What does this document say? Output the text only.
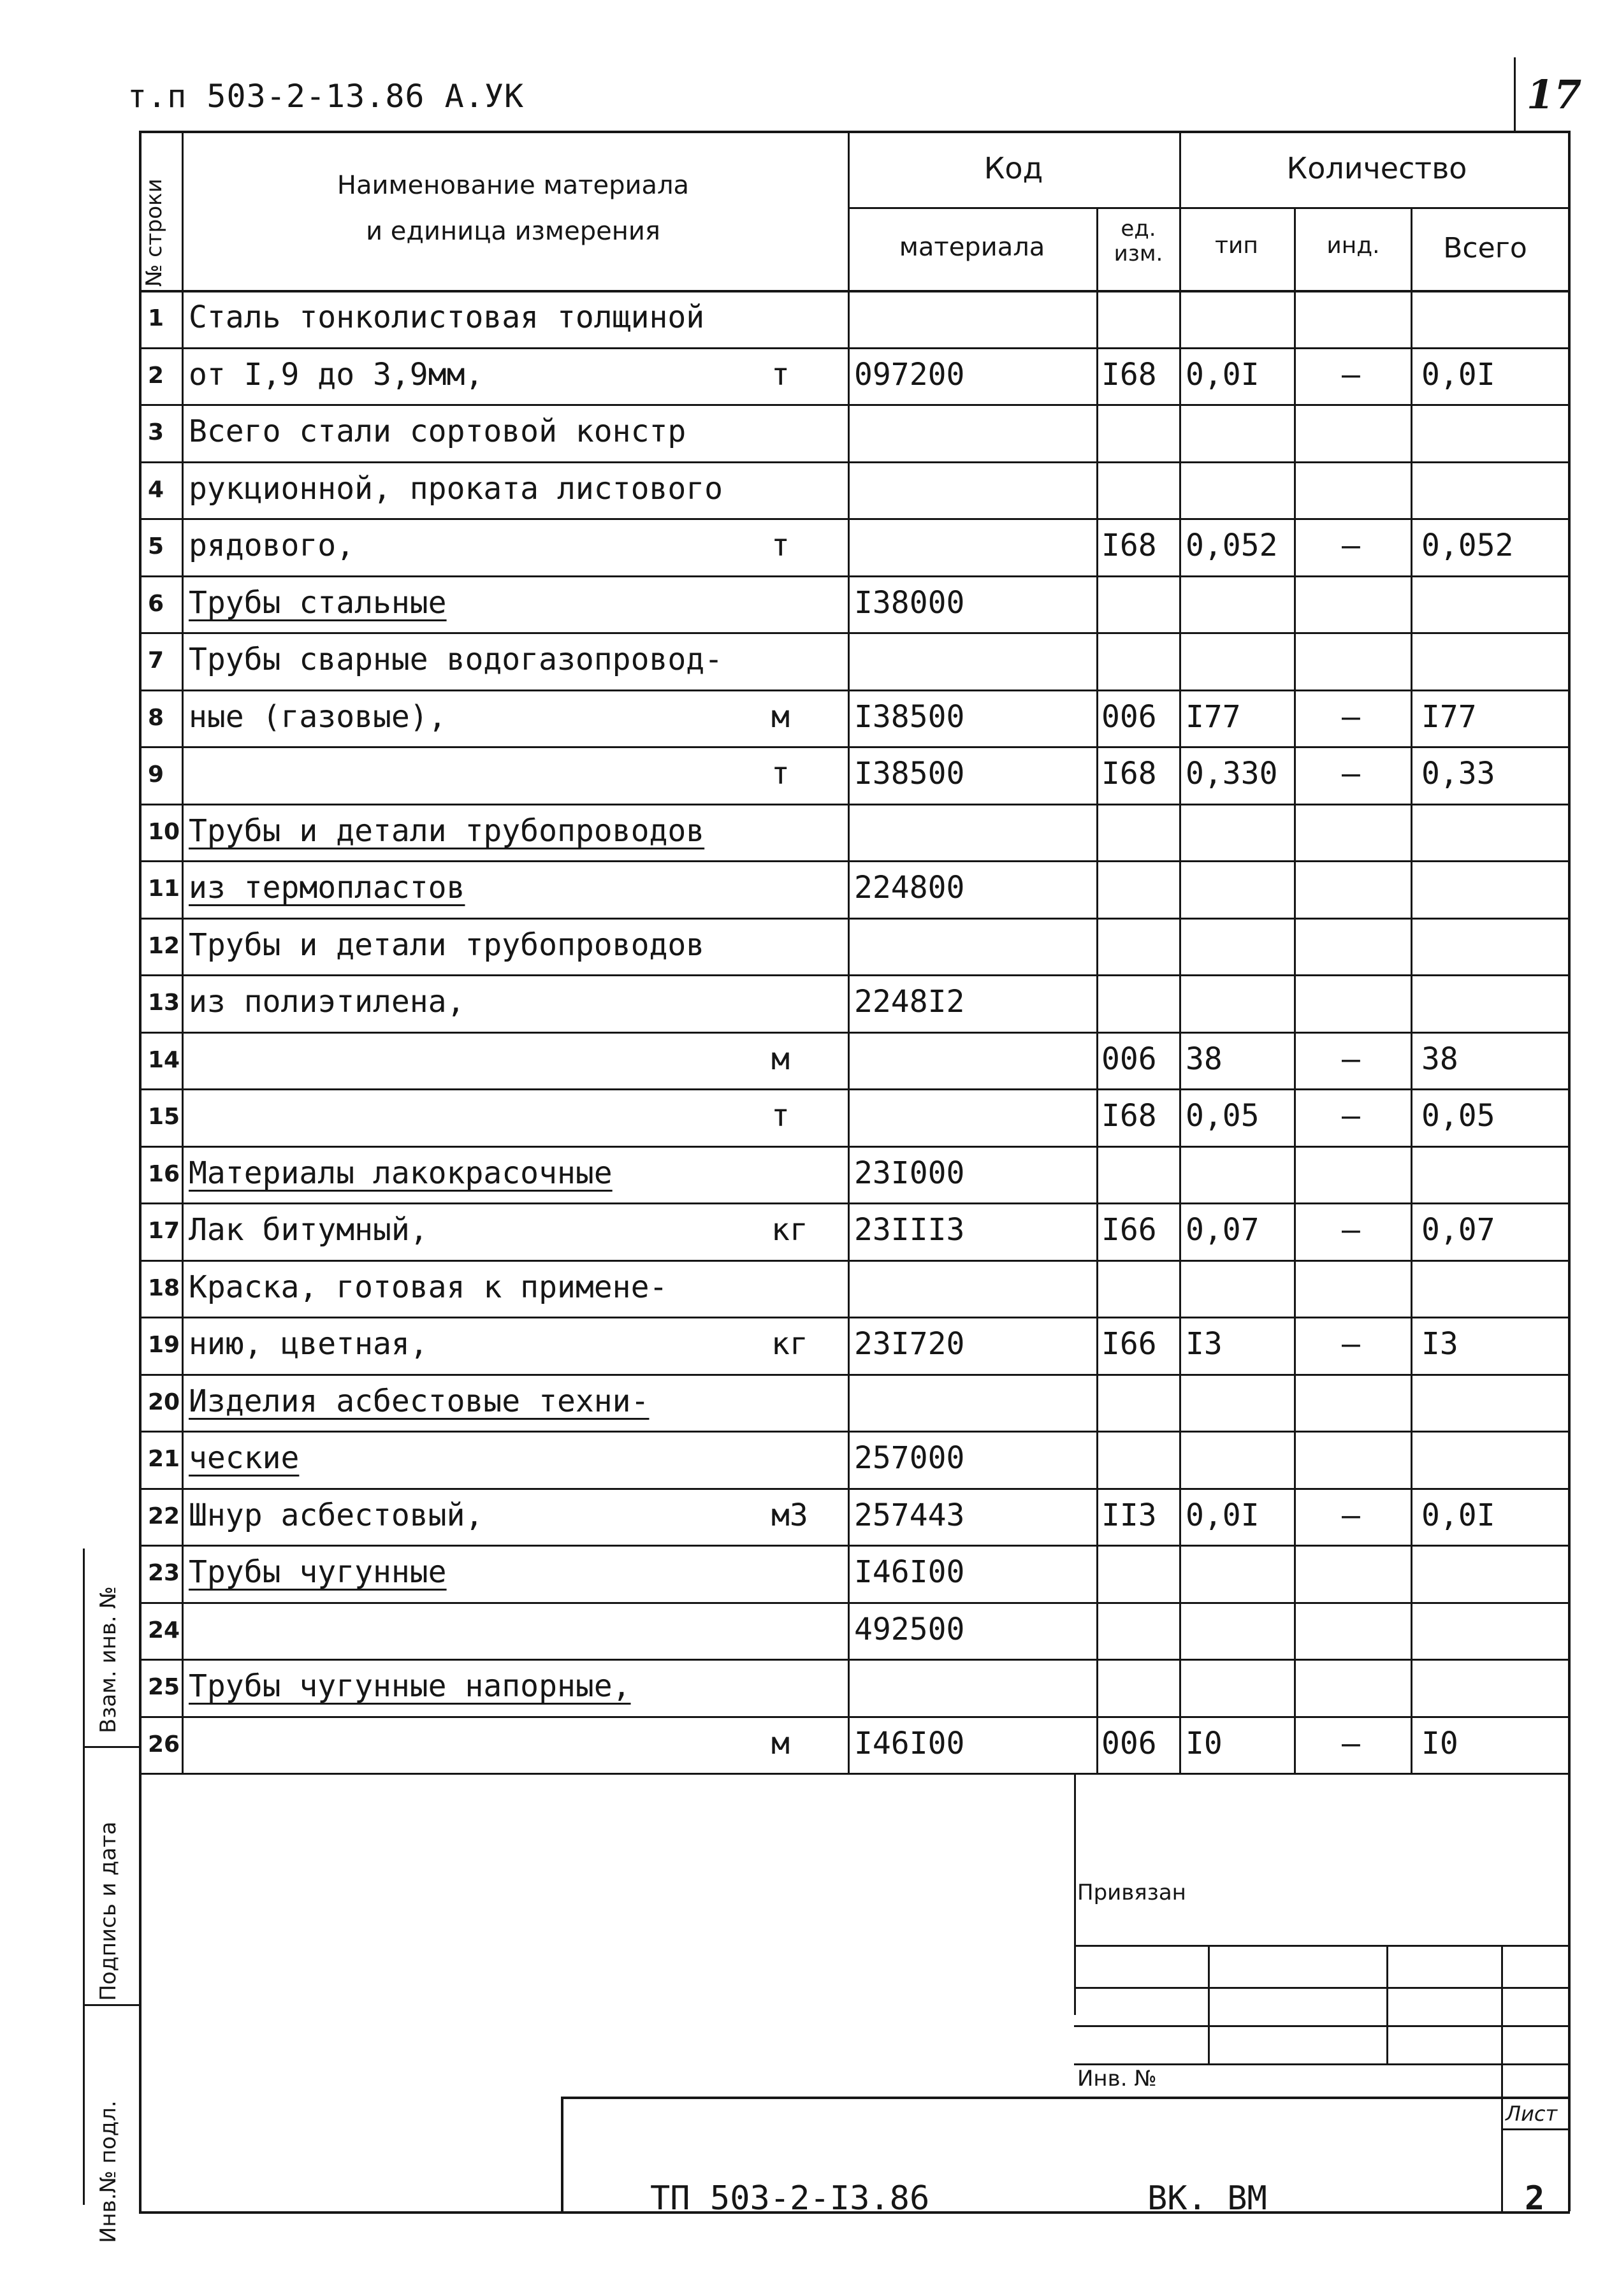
т.п 503-2-13.86 А.УК	17
Наименование материала
и единица измерения
Код
материала
ед. изм.
Количество
тип	инд.	Всего
№ строки
1 Сталь тонколистовая толщиной
2 от I,9 до 3,9мм,	т 097200	I68 0,0I	– 0,0I
3 Всего стали сортовой констр
4 рукционной, проката листового
5 рядового,	т	I68 0,052 – 0,052
6 Трубы стальные	I38000
7 Трубы сварные водогазопровод-
8 ные (газовые),	м I38500	006 I77	– I77
9	т I38500	I68 0,330 – 0,33
10 Трубы и детали трубопроводов
11 из термопластов	224800
12 Трубы и детали трубопроводов
13 из полиэтилена,	2248I2
14	м	006 38	– 38
15	т	I68 0,05	– 0,05
16 Материалы лакокрасочные	23I000
17 Лак битумный,	кг 23III3	I66 0,07	– 0,07
18 Краска, готовая к примене-
19 нию, цветная,	кг 23I720	I66 I3	– I3
20 Изделия асбестовые техни-
21 ческие	257000
22 Шнур асбестовый,	м3 257443	II3 0,0I	– 0,0I
23 Трубы чугунные	I46I00
24	492500
25 Трубы чугунные напорные,
26	м I46I00	006 I0	– I0
Взам. инв. №
Подпись и дата
Инв.№ подл.
Привязан
Инв. №
Лист
ТП 503-2-I3.86	ВК. ВМ	2
